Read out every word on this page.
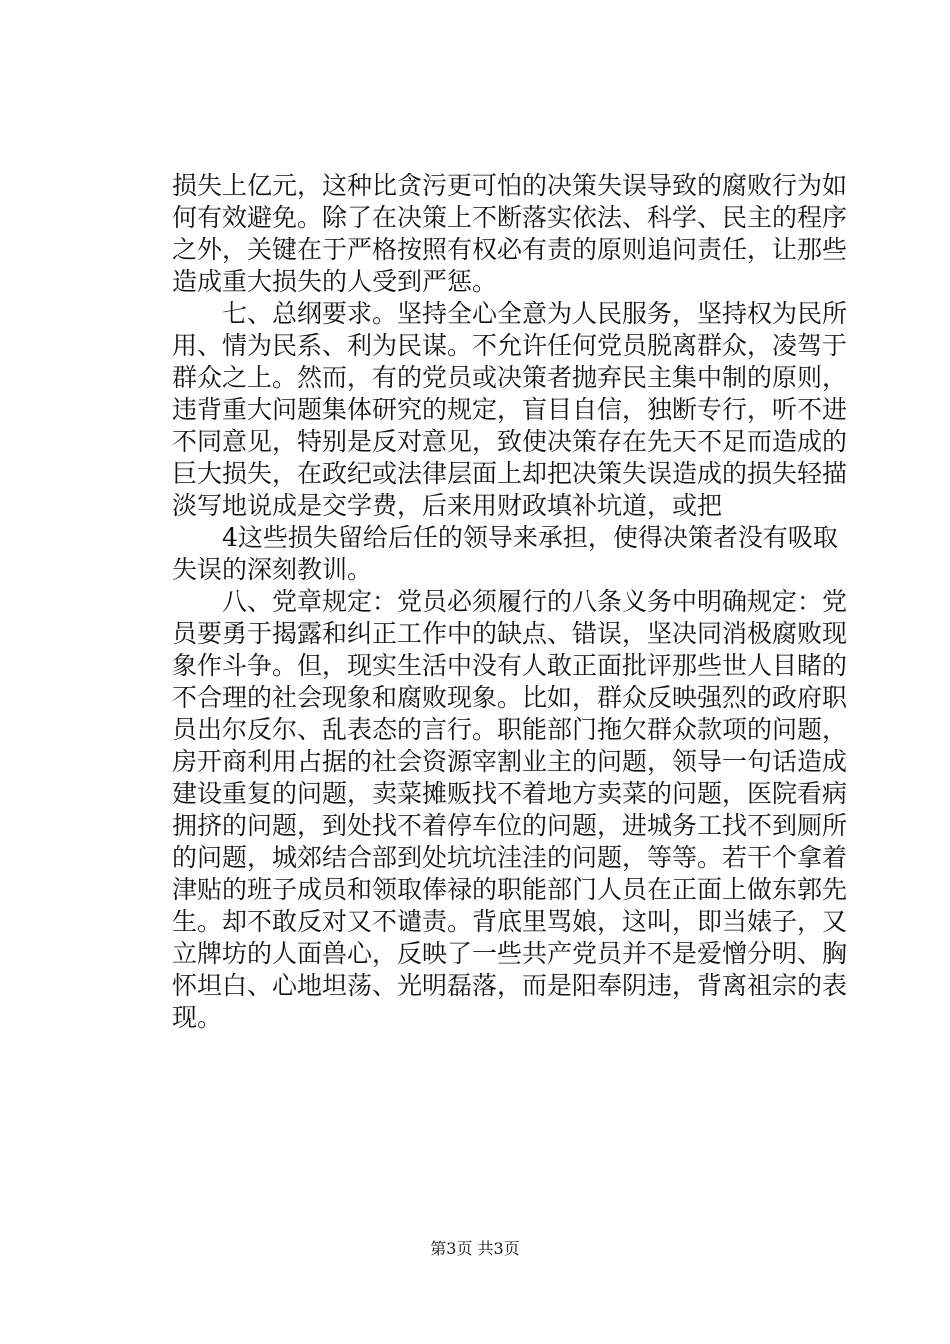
损失上亿元，这种比贪污更可怕的决策失误导致的腐败行为如
何有效避免。除了在决策上不断落实依法、科学、民主的程序
之外，关键在于严格按照有权必有责的原则追问责任，让那些
造成重大损失的人受到严惩。
　　七、总纲要求。坚持全心全意为人民服务，坚持权为民所
用、情为民系、利为民谋。不允许任何党员脱离群众，凌驾于
群众之上。然而，有的党员或决策者抛弃民主集中制的原则，
违背重大问题集体研究的规定，盲目自信，独断专行，听不进
不同意见，特别是反对意见，致使决策存在先天不足而造成的
巨大损失，在政纪或法律层面上却把决策失误造成的损失轻描
淡写地说成是交学费，后来用财政填补坑道，或把
　　4这些损失留给后任的领导来承担，使得决策者没有吸取
失误的深刻教训。
　　八、党章规定：党员必须履行的八条义务中明确规定：党
员要勇于揭露和纠正工作中的缺点、错误，坚决同消极腐败现
象作斗争。但，现实生活中没有人敢正面批评那些世人目睹的
不合理的社会现象和腐败现象。比如，群众反映强烈的政府职
员出尔反尔、乱表态的言行。职能部门拖欠群众款项的问题，
房开商利用占据的社会资源宰割业主的问题，领导一句话造成
建设重复的问题，卖菜摊贩找不着地方卖菜的问题，医院看病
拥挤的问题，到处找不着停车位的问题，进城务工找不到厕所
的问题，城郊结合部到处坑坑洼洼的问题，等等。若干个拿着
津贴的班子成员和领取俸禄的职能部门人员在正面上做东郭先
生。却不敢反对又不谴责。背底里骂娘，这叫，即当婊子，又
立牌坊的人面兽心，反映了一些共产党员并不是爱憎分明、胸
怀坦白、心地坦荡、光明磊落，而是阳奉阴违，背离祖宗的表
现。
第3页 共3页
